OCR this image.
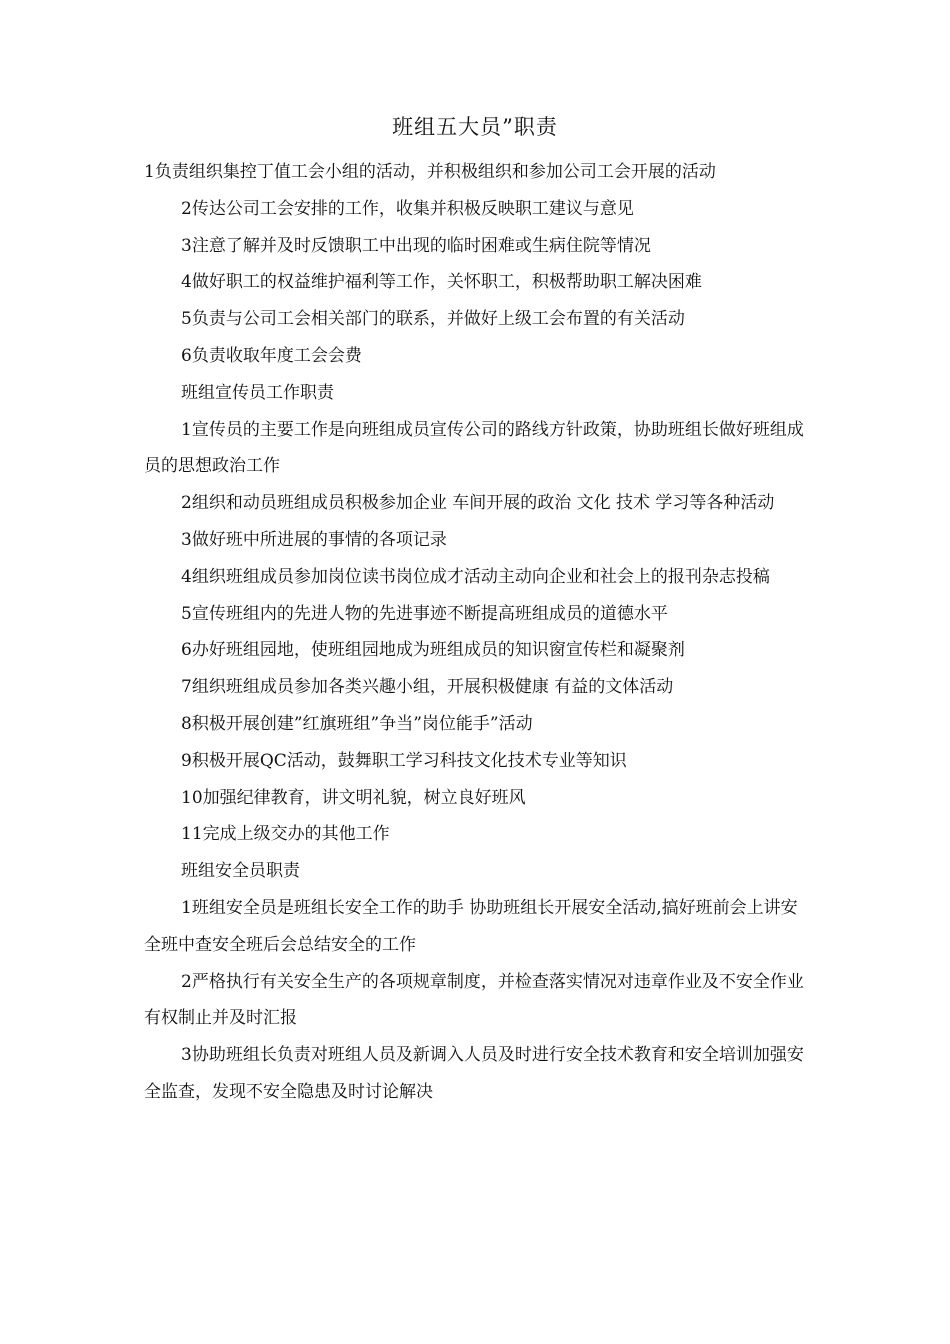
班组五大员”职责

1负责组织集控丁值工会小组的活动，并积极组织和参加公司工会开展的活动

2传达公司工会安排的工作，收集并积极反映职工建议与意见

3注意了解并及时反馈职工中出现的临时困难或生病住院等情况

4做好职工的权益维护福利等工作，关怀职工，积极帮助职工解决困难

5负责与公司工会相关部门的联系，并做好上级工会布置的有关活动

6负责收取年度工会会费

班组宣传员工作职责

1宣传员的主要工作是向班组成员宣传公司的路线方针政策，协助班组长做好班组成员的思想政治工作

2组织和动员班组成员积极参加企业 车间开展的政治 文化 技术 学习等各种活动

3做好班中所进展的事情的各项记录

4组织班组成员参加岗位读书岗位成才活动主动向企业和社会上的报刊杂志投稿

5宣传班组内的先进人物的先进事迹不断提高班组成员的道德水平

6办好班组园地，使班组园地成为班组成员的知识窗宣传栏和凝聚剂

7组织班组成员参加各类兴趣小组，开展积极健康 有益的文体活动

8积极开展创建”红旗班组”争当”岗位能手”活动

9积极开展QC活动，鼓舞职工学习科技文化技术专业等知识

10加强纪律教育，讲文明礼貌，树立良好班风

11完成上级交办的其他工作

班组安全员职责

1班组安全员是班组长安全工作的助手 协助班组长开展安全活动,搞好班前会上讲安全班中查安全班后会总结安全的工作

2严格执行有关安全生产的各项规章制度，并检查落实情况对违章作业及不安全作业有权制止并及时汇报

3协助班组长负责对班组人员及新调入人员及时进行安全技术教育和安全培训加强安全监查，发现不安全隐患及时讨论解决
